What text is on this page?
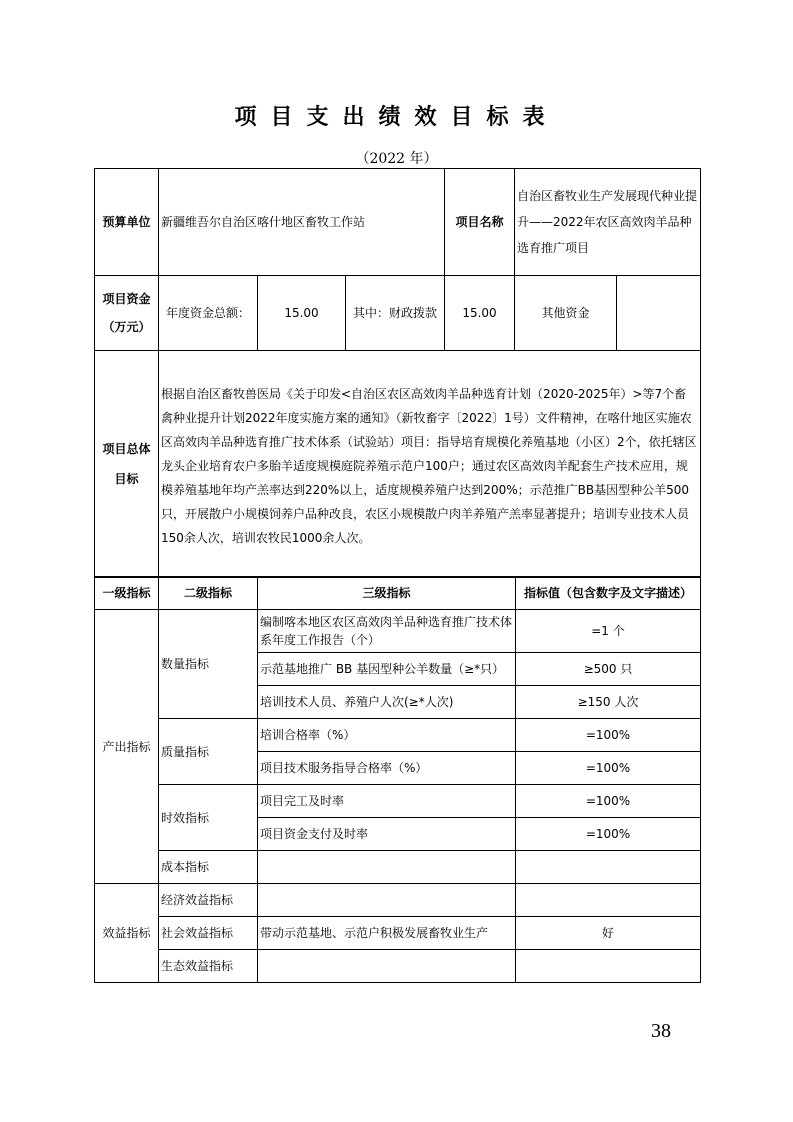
项目支出绩效目标表
（2022 年）
预算单位	新疆维吾尔自治区喀什地区畜牧工作站			项目名称	自治区畜牧业生产发展现代种业提升——2022年农区高效肉羊品种选育推广项目	
项目资金（万元）	年度资金总额：	15.00	其中：财政拨款	15.00	其他资金	
项目总体目标	根据自治区畜牧兽医局《关于印发<自治区农区高效肉羊品种选育计划（2020-2025年）>等7个畜禽种业提升计划2022年度实施方案的通知》（新牧畜字〔2022〕1号）文件精神，在喀什地区实施农区高效肉羊品种选育推广技术体系（试验站）项目：指导培育规模化养殖基地（小区）2个，依托辖区龙头企业培育农户多胎羊适度规模庭院养殖示范户100户；通过农区高效肉羊配套生产技术应用，规模养殖基地年均产羔率达到220%以上，适度规模养殖户达到200%；示范推广BB基因型种公羊500只，开展散户小规模饲养户品种改良，农区小规模散户肉羊养殖产羔率显著提升；培训专业技术人员150余人次，培训农牧民1000余人次。					
一级指标	二级指标	三级指标	指标值（包含数字及文字描述）
产出指标	数量指标	编制喀本地区农区高效肉羊品种选育推广技术体系年度工作报告（个）	=1 个
		示范基地推广 BB 基因型种公羊数量（≥*只）	≥500 只
		培训技术人员、养殖户人次(≥*人次)	≥150 人次
	质量指标	培训合格率（%）	=100%
		项目技术服务指导合格率（%）	=100%
	时效指标	项目完工及时率	=100%
		项目资金支付及时率	=100%
	成本指标		
效益指标	经济效益指标		
	社会效益指标	带动示范基地、示范户积极发展畜牧业生产	好
	生态效益指标		
38
